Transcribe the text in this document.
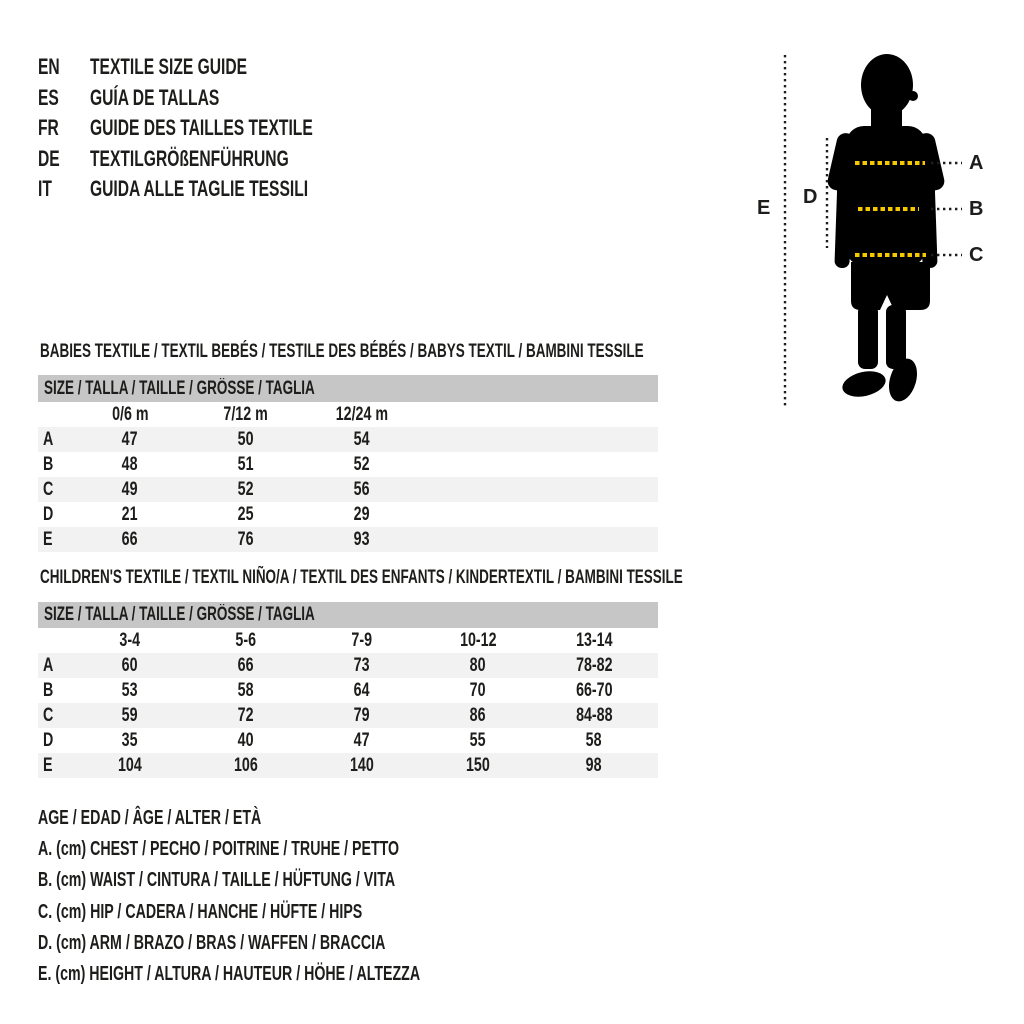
EN	TEXTILE SIZE GUIDE
ES	GUÍA DE TALLAS
FR	GUIDE DES TAILLES TEXTILE
DE	TEXTILGRÖßENFÜHRUNG
IT GUIDA ALLE TAGLIE TESSILI
A
B
C
D
E
BABIES TEXTILE / TEXTIL BEBÉS / TESTILE DES BÉBÉS / BABYS TEXTIL / BAMBINI TESSILE
SIZE / TALLA / TAILLE / GRÖSSE / TAGLIA
0/6 m	7/12 m	12/24 m
A	47	50	54
B	48	51	52
C	49	52	56
D	21	25	29
E	66	76	93
CHILDREN'S TEXTILE / TEXTIL NIÑO/A / TEXTIL DES ENFANTS / KINDERTEXTIL / BAMBINI TESSILE
SIZE / TALLA / TAILLE / GRÖSSE / TAGLIA
3-4	5-6	7-9	10-12	13-14
A	60	66	73	80	78-82
B	53	58	64	70	66-70
C	59	72	79	86	84-88
D	35	40	47	55	58
E	104	106	140	150	98
AGE / EDAD / ÂGE / ALTER / ETÀ
A. (cm) CHEST / PECHO / POITRINE / TRUHE / PETTO
B. (cm) WAIST / CINTURA / TAILLE / HÜFTUNG / VITA
C. (cm) HIP / CADERA / HANCHE / HÜFTE / HIPS
D. (cm) ARM / BRAZO / BRAS / WAFFEN / BRACCIA
E. (cm) HEIGHT / ALTURA / HAUTEUR / HÖHE / ALTEZZA
